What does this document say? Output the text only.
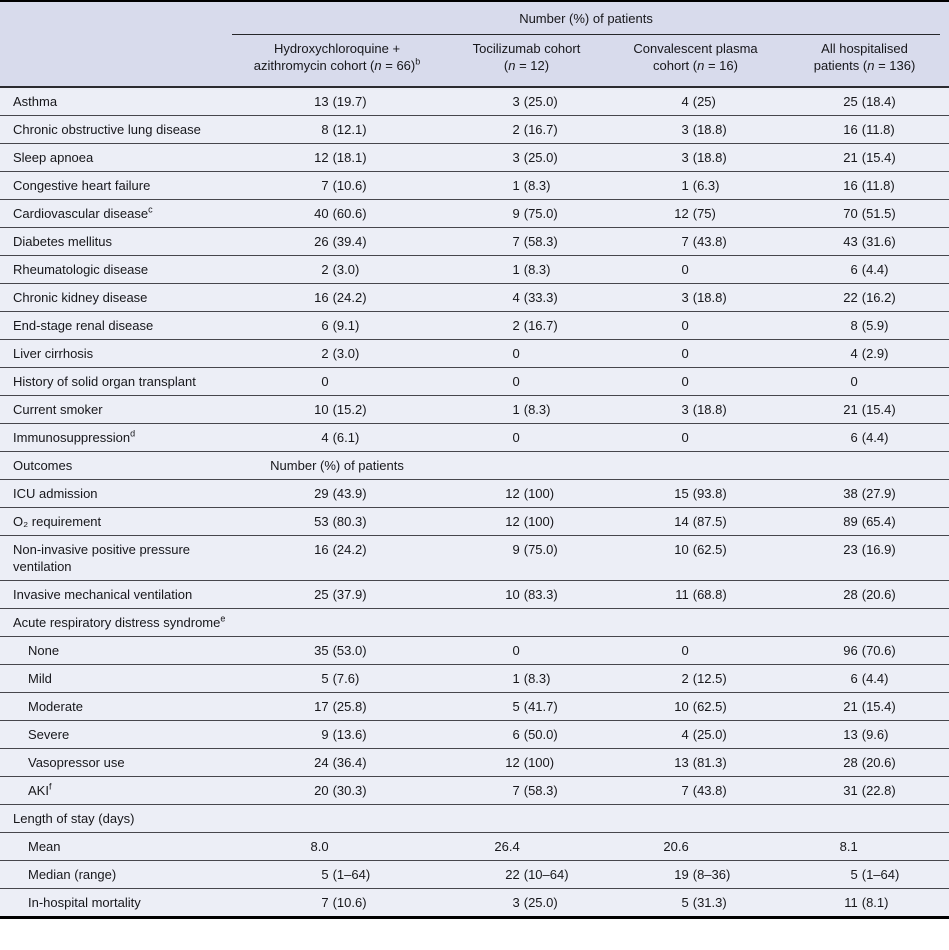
	Number (%) of patients			

	Hydroxychloroquine + azithromycin cohort (n = 66)$^b$	Tocilizumab cohort (n = 12)	Convalescent plasma cohort (n = 16)	All hospitalised patients (n = 136)
Asthma	13 (19.7)	3 (25.0)	4 (25)	25 (18.4)

Chronic obstructive lung disease	8 (12.1)	2 (16.7)	3 (18.8)	16 (11.8)

Sleep apnoea	12 (18.1)	3 (25.0)	3 (18.8)	21 (15.4)

Congestive heart failure	7 (10.6)	1 (8.3)	1 (6.3)	16 (11.8)

Cardiovascular disease$^c$	40 (60.6)	9 (75.0)	12 (75)	70 (51.5)

Diabetes mellitus	26 (39.4)	7 (58.3)	7 (43.8)	43 (31.6)

Rheumatologic disease	2 (3.0)	1 (8.3)	0	6 (4.4)

Chronic kidney disease	16 (24.2)	4 (33.3)	3 (18.8)	22 (16.2)

End-stage renal disease	6 (9.1)	2 (16.7)	0	8 (5.9)

Liver cirrhosis	2 (3.0)	0	0	4 (2.9)

History of solid organ transplant	0	0	0	0

Current smoker	10 (15.2)	1 (8.3)	3 (18.8)	21 (15.4)

Immunosuppression$^d$	4 (6.1)	0	0	6 (4.4)

Outcomes	Number (%) of patients			

ICU admission	29 (43.9)	12 (100)	15 (93.8)	38 (27.9)

O₂ requirement	53 (80.3)	12 (100)	14 (87.5)	89 (65.4)

Non-invasive positive pressure ventilation	16 (24.2)	9 (75.0)	10 (62.5)	23 (16.9)

Invasive mechanical ventilation	25 (37.9)	10 (83.3)	11 (68.8)	28 (20.6)

Acute respiratory distress syndrome$^e$
None	35 (53.0)	0	0	96 (70.6)

Mild	5 (7.6)	1 (8.3)	2 (12.5)	6 (4.4)

Moderate	17 (25.8)	5 (41.7)	10 (62.5)	21 (15.4)

Severe	9 (13.6)	6 (50.0)	4 (25.0)	13 (9.6)

Vasopressor use	24 (36.4)	12 (100)	13 (81.3)	28 (20.6)

AKI$^f$	20 (30.3)	7 (58.3)	7 (43.8)	31 (22.8)

Length of stay (days)				
Mean	8.0	26.4	20.6	8.1

Median (range)	5 (1–64)	22 (10–64)	19 (8–36)	5 (1–64)

In-hospital mortality	7 (10.6)	3 (25.0)	5 (31.3)	11 (8.1)
